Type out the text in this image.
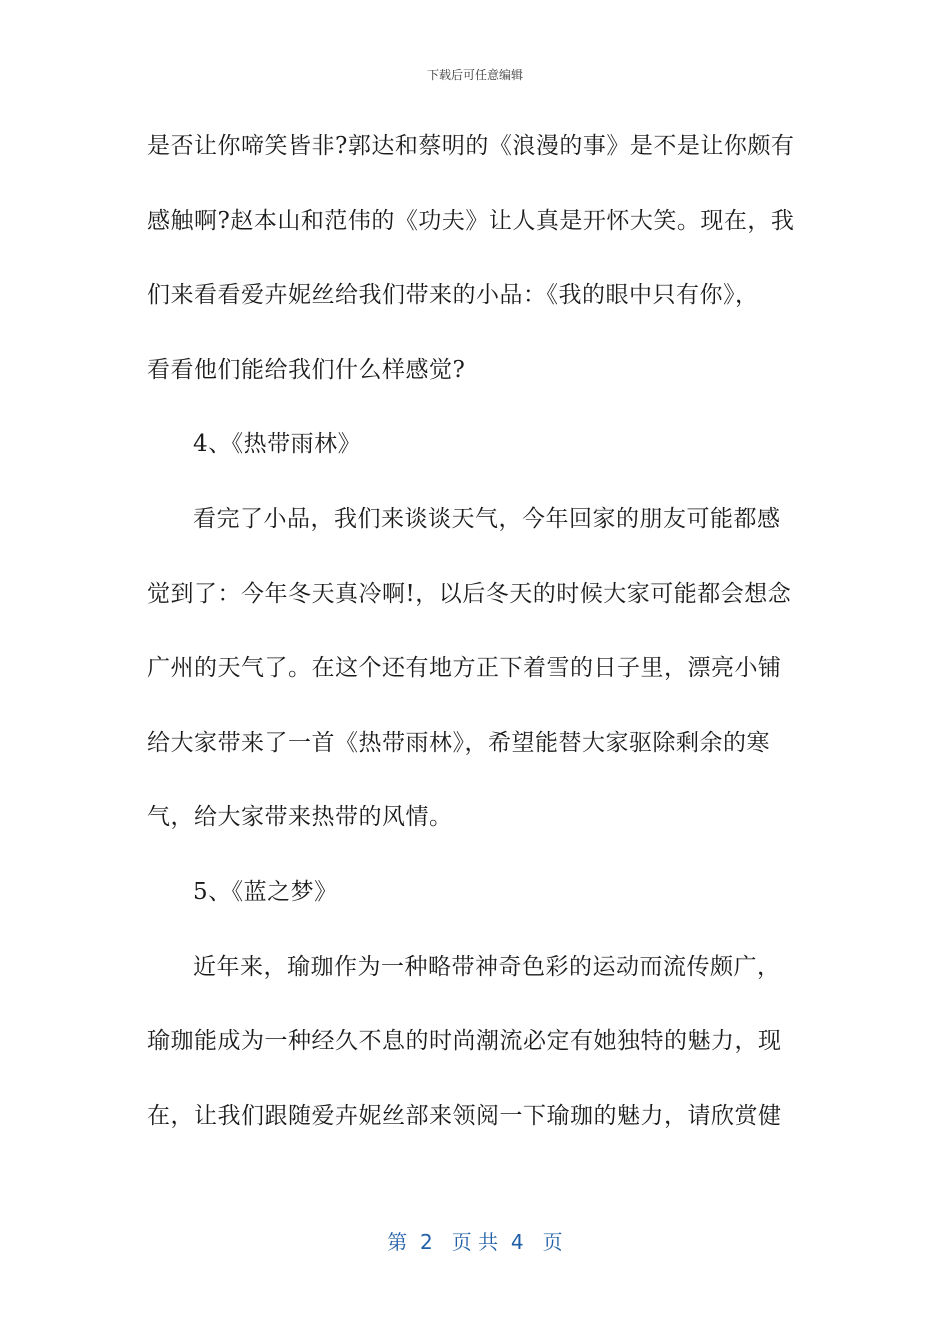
下载后可任意编辑
是否让你啼笑皆非?郭达和蔡明的《浪漫的事》是不是让你颇有
感触啊?赵本山和范伟的《功夫》让人真是开怀大笑。现在，我
们来看看爱卉妮丝给我们带来的小品：《我的眼中只有你》，
看看他们能给我们什么样感觉?
4、《热带雨林》
看完了小品，我们来谈谈天气，今年回家的朋友可能都感
觉到了：今年冬天真冷啊!，以后冬天的时候大家可能都会想念
广州的天气了。在这个还有地方正下着雪的日子里，漂亮小铺
给大家带来了一首《热带雨林》，希望能替大家驱除剩余的寒
气，给大家带来热带的风情。
5、《蓝之梦》
近年来，瑜珈作为一种略带神奇色彩的运动而流传颇广，
瑜珈能成为一种经久不息的时尚潮流必定有她独特的魅力，现
在，让我们跟随爱卉妮丝部来领阅一下瑜珈的魅力，请欣赏健
第  2   页 共  4   页
